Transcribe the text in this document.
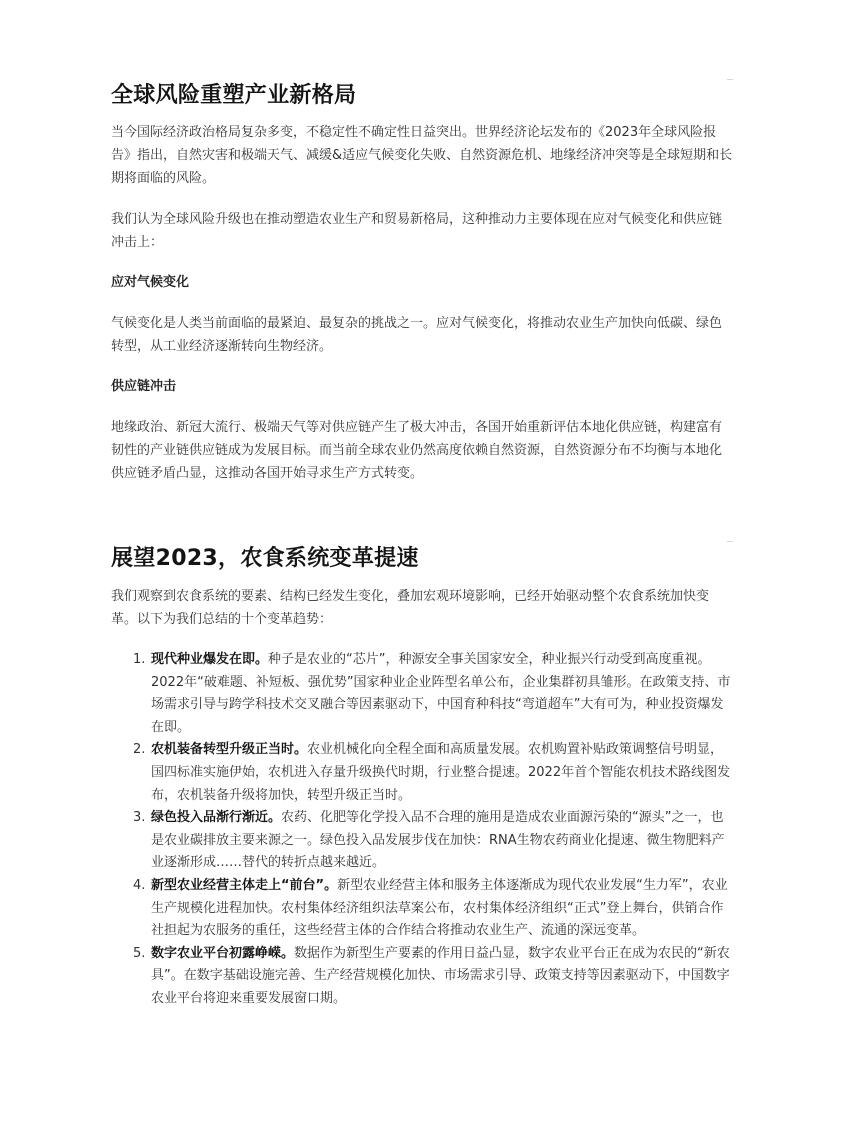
全球风险重塑产业新格局

当今国际经济政治格局复杂多变，不稳定性不确定性日益突出。世界经济论坛发布的《2023年全球风险报告》指出，自然灾害和极端天气、减缓&适应气候变化失败、自然资源危机、地缘经济冲突等是全球短期和长期将面临的风险。

我们认为全球风险升级也在推动塑造农业生产和贸易新格局，这种推动力主要体现在应对气候变化和供应链冲击上：

应对气候变化

气候变化是人类当前面临的最紧迫、最复杂的挑战之一。应对气候变化，将推动农业生产加快向低碳、绿色转型，从工业经济逐渐转向生物经济。

供应链冲击

地缘政治、新冠大流行、极端天气等对供应链产生了极大冲击，各国开始重新评估本地化供应链，构建富有韧性的产业链供应链成为发展目标。而当前全球农业仍然高度依赖自然资源，自然资源分布不均衡与本地化供应链矛盾凸显，这推动各国开始寻求生产方式转变。

展望2023，农食系统变革提速

我们观察到农食系统的要素、结构已经发生变化，叠加宏观环境影响，已经开始驱动整个农食系统加快变革。以下为我们总结的十个变革趋势：

1. 现代种业爆发在即。种子是农业的“芯片”，种源安全事关国家安全，种业振兴行动受到高度重视。2022年“破难题、补短板、强优势”国家种业企业阵型名单公布，企业集群初具雏形。在政策支持、市场需求引导与跨学科技术交叉融合等因素驱动下，中国育种科技“弯道超车”大有可为，种业投资爆发在即。
2. 农机装备转型升级正当时。农业机械化向全程全面和高质量发展。农机购置补贴政策调整信号明显，国四标准实施伊始，农机进入存量升级换代时期，行业整合提速。2022年首个智能农机技术路线图发布，农机装备升级将加快，转型升级正当时。
3. 绿色投入品渐行渐近。农药、化肥等化学投入品不合理的施用是造成农业面源污染的“源头”之一，也是农业碳排放主要来源之一。绿色投入品发展步伐在加快：RNA生物农药商业化提速、微生物肥料产业逐渐形成……替代的转折点越来越近。
4. 新型农业经营主体走上“前台”。新型农业经营主体和服务主体逐渐成为现代农业发展“生力军”，农业生产规模化进程加快。农村集体经济组织法草案公布，农村集体经济组织“正式”登上舞台，供销合作社担起为农服务的重任，这些经营主体的合作结合将推动农业生产、流通的深远变革。
5. 数字农业平台初露峥嵘。数据作为新型生产要素的作用日益凸显，数字农业平台正在成为农民的“新农具”。在数字基础设施完善、生产经营规模化加快、市场需求引导、政策支持等因素驱动下，中国数字农业平台将迎来重要发展窗口期。
